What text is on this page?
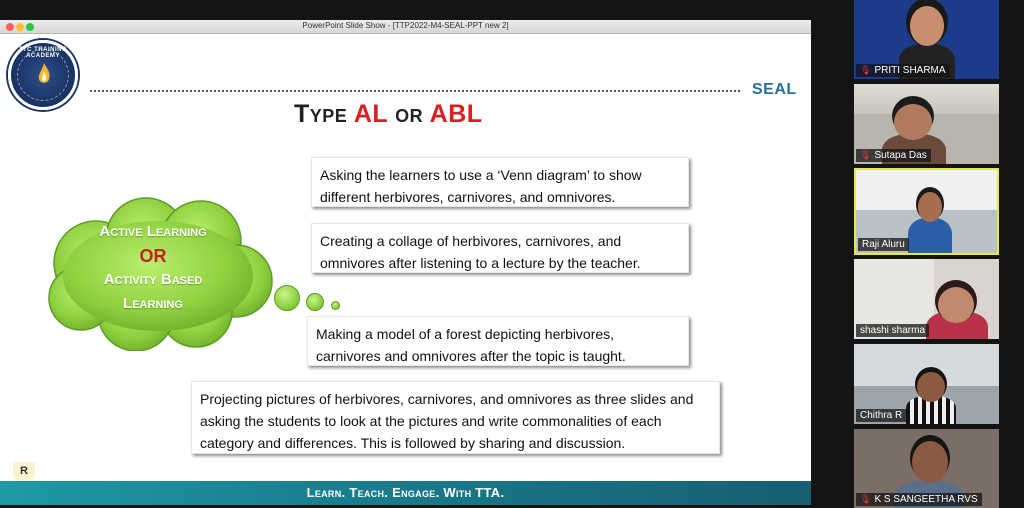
PowerPoint Slide Show - [TTP2022-M4-SEAL-PPT new 2]
TTC TRAINING ACADEMY
SEAL
Type AL or ABL
Active Learning
OR
Activity Based
Learning
Asking the learners to use a ‘Venn diagram’ to show different herbivores, carnivores, and omnivores.
Creating a collage of herbivores, carnivores, and omnivores after listening to a lecture by the teacher.
Making a model of a forest depicting herbivores, carnivores and omnivores after the topic is taught.
Projecting pictures of herbivores, carnivores, and omnivores as three slides and asking the students to look at the pictures and write commonalities of each category and differences. This is followed by sharing and discussion.
R
Learn. Teach. Engage. With TTA.
🎙︎ PRITI SHARMA
🎙︎ Sutapa Das
Raji Aluru
shashi sharma
Chithra R
🎙︎ K S SANGEETHA RVS
